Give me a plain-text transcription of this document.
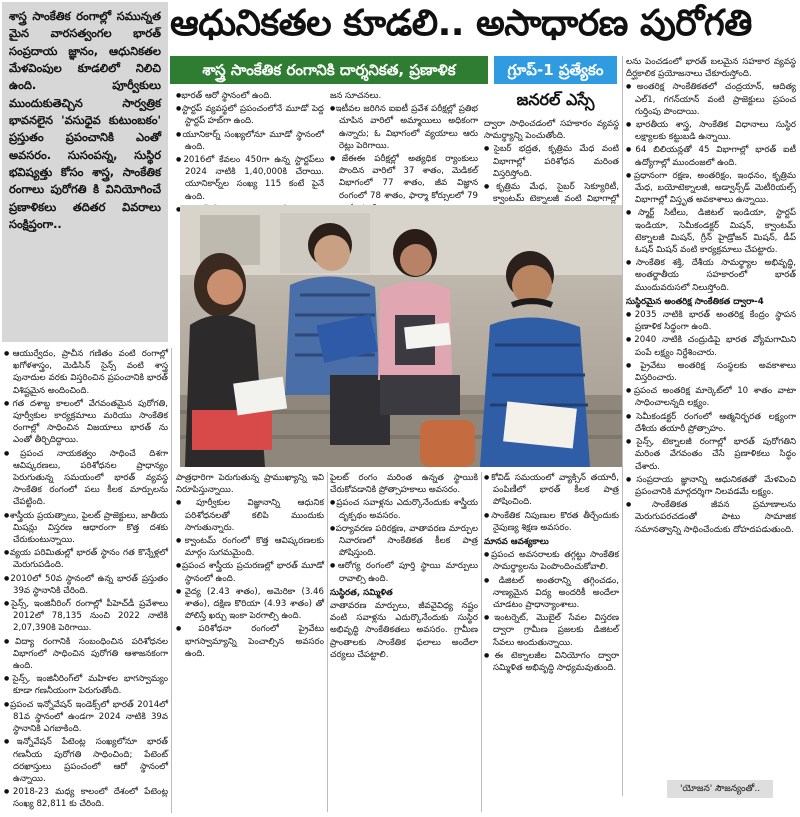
శాస్త్ర సాంకేతిక రంగాల్లో సమున్నత మైన వారసత్వంగల భారత్‌ సంప్రదాయ జ్ఞానం, ఆధునికతల మేళవింపుల కూడలిలో నిలిచి ఉంది. పూర్వీకులు ముందుకుతెచ్చిన సార్వత్రిక భావనలైన 'వసుధైవ కుటుంబకం' ప్రస్తుతం ప్రపంచానికి ఎంతో అవసరం. సుసంపన్న, సుస్థిర భవిష్యత్తు కోసం శాస్త్ర, సాంకేతిక రంగాలు పురోగతి కి వినియోగించే ప్రణాళికలు తదితర వివరాలు సంక్షిప్తంగా..
ఆధునికతల కూడలి.. అసాధారణ పురోగతి
శాస్త్ర సాంకేతిక రంగానికి దార్శనికత, ప్రణాళిక	గ్రూప్‌-1 ప్రత్యేకం
జనరల్‌ ఎస్సే

● ఆయుర్వేదం, ప్రాచీన గణితం వంటి రంగాల్లో ఖగోళశాస్త్రం, మెడిసిన్‌ సైన్స్‌ వంటి శాస్త్ర పునాదుల వరకు విస్తరించిన ప్రపంచానికి భారత్‌ విశిష్టమైన అందించింది.

● గత దశాబ్ద కాలంలో వేగవంతమైన పురోగతి, పూర్వీకుల కార్యక్రమాలు మరియు సాంకేతిక రంగాల్లో సాధించిన విజయాలు భారత్‌ ను ఎంతో తీర్చిదిద్దాయి.

● ప్రపంచ నాయకత్వం సాధించే దిశగా ఆవిష్కరణలు, పరిశోధనల ప్రాధాన్యం పెరుగుతున్న సమయంలో భారత్‌ వ్యవస్థ సాంకేతిక రంగంలో పలు కీలక మార్పులను చేపట్టింది.

● శాస్త్రీయ ప్రయత్నాలు, పైలట్‌ ప్రాజెక్టులు, జాతీయ మిషన్లు విస్తరణ ఆధారంగా కొత్త దశకు చేరుకుంటున్నాయి.

● వ్యయ పరిమితుల్లో భారత్‌ స్థానం గత కొన్నేళ్లలో మెరుగుపడింది.

● 2010లో 50వ స్థానంలో ఉన్న భారత్‌ ప్రస్తుతం 39వ స్థానానికి చేరింది.

● సైన్స్‌, ఇంజినీరింగ్‌ రంగాల్లో పీహెచ్‌డీ ప్రవేశాలు 2012లో 78,135 నుంచి 2022 నాటికి 2,07,390కి పెరిగాయి.

● విద్యా రంగానికి సంబంధించిన పరిశోధనల విభాగంలో సాధించిన పురోగతి ఆశాజనకంగా ఉంది.

● సైన్స్‌, ఇంజినీరింగ్‌లో మహిళల భాగస్వామ్యం కూడా గణనీయంగా పెరుగుతోంది.

● ప్రపంచ ఇన్నోవేషన్‌ ఇండెక్స్‌లో భారత్‌ 2014లో 81వ స్థానంలో ఉండగా 2024 నాటికి 39వ స్థానానికి ఎగబాకింది.

● ఇన్నోవేషన్‌ పేటెంట్ల సంఖ్యలోనూ భారత్‌ గణనీయ పురోగతి సాధించింది; పేటెంట్‌ దరఖాస్తులు ప్రపంచంలో ఆరో స్థానంలో ఉన్నాయి.

● 2018-23 మధ్య కాలంలో దేశంలో పేటెంట్ల సంఖ్య 82,811 కు చేరింది.

● భారత్‌ ఆరో స్థానంలో ఉంది.

● స్టార్టప్‌ వ్యవస్థలో ప్రపంచంలోనే మూడో పెద్ద స్టార్టప్‌ హబ్‌గా ఉంది.

● యూనికార్న్‌ సంఖ్యలోనూ మూడో స్థానంలో ఉంది.

● 2016లో కేవలం 450గా ఉన్న స్టార్టప్‌లు 2024 నాటికి 1,40,000కి చేరాయి. యూనికార్న్‌ల సంఖ్య 115 కంటే పైనే ఉంది.

●

జన సూచనలు.

● ఇటీవల జరిగిన ఐఐటీ ప్రవేశ పరీక్షల్లో ప్రతిభ చూపిన వారిలో అమ్మాయిలు అధికంగా ఉన్నారు; ఓ విభాగంలో వ్యయాలు ఆరు రెట్లు పెరిగాయి.

● జేఈఈ పరీక్షల్లో అత్యధిక ర్యాంకులు పొందిన వారిలో 37 శాతం, మెడికల్‌ విభాగంలో 77 శాతం, జీవ విజ్ఞాన రంగంలో 78 శాతం, ఫార్మా కోర్సులలో 79

●

ద్వారా సాధించడంలో సహకారం వ్యవస్థ సామర్థ్యాన్ని పెంచుతోంది.

● సైబర్‌ భద్రత, కృత్రిమ మేధ వంటి విభాగాల్లో పరిశోధన మరింత విస్తరిస్తోంది.

● కృత్రిమ మేధ, సైబర్‌ సెక్యూరిటీ, క్వాంటమ్‌ టెక్నాలజీ వంటి విభాగాల్లో

లను పెంచడంలో భారత్‌ బలమైన సహకార వ్యవస్థ దీర్ఘకాలిక ప్రయోజనాలు చేకూరుస్తోంది.

● అంతరిక్ష సాంకేతికతలో చంద్రయాన్‌, ఆదిత్య ఎల్‌1, గగన్‌యాన్‌ వంటి ప్రాజెక్టులు ప్రపంచ గుర్తింపు పొందాయి.

● భారతీయ శాస్త్ర, సాంకేతిక విధానాలు సుస్థిర లక్ష్యాలకు కట్టుబడి ఉన్నాయి.

● 64 బిలియన్లతో 45 విభాగాల్లో భారత్‌ ఐటీ ఉద్యోగాల్లో ముందంజలో ఉంది.

● ప్రధానంగా రక్షణ, అంతరిక్షం, ఇంధనం, కృత్రిమ మేధ, బయోటెక్నాలజీ, అడ్వాన్స్‌డ్‌ మెటీరియల్స్‌ విభాగాల్లో విస్తృత అవకాశాలు ఉన్నాయి.

● స్మార్ట్‌ సిటీలు, డిజిటల్‌ ఇండియా, స్టార్టప్‌ ఇండియా, సెమీకండక్టర్‌ మిషన్‌, క్వాంటమ్‌ టెక్నాలజీ మిషన్‌, గ్రీన్‌ హైడ్రోజన్‌ మిషన్‌, డీప్‌ ఓషన్‌ మిషన్‌ వంటి కార్యక్రమాలు చేపట్టారు.

● సాంకేతిక శక్తి, దేశీయ సామర్థ్యాల అభివృద్ధి, అంతర్జాతీయ సహకారంలో భారత్‌ ముందువరుసలో నిలుస్తోంది.

సుస్థిరమైన అంతరిక్ష సాంకేతికత ద్వారా-4

● 2035 నాటికి భారత్‌ అంతరిక్ష కేంద్రం స్థాపన ప్రణాళిక సిద్ధంగా ఉంది.

● 2040 నాటికి చంద్రుడిపై భారత వ్యోమగామిని పంపే లక్ష్యం నిర్దేశించారు.

● ప్రైవేటు అంతరిక్ష సంస్థలకు అవకాశాలు విస్తరించారు.

● ప్రపంచ అంతరిక్ష మార్కెట్‌లో 10 శాతం వాటా సాధించాలన్నది లక్ష్యం.

● సెమీకండక్టర్‌ రంగంలో ఆత్మనిర్భరత లక్ష్యంగా దేశీయ తయారీ ప్రోత్సాహం.

● సైన్స్‌, టెక్నాలజీ రంగాల్లో భారత్‌ పురోగతిని మరింత వేగవంతం చేసే ప్రణాళికలు సిద్ధం చేశారు.

● సంప్రదాయ జ్ఞానాన్ని ఆధునికతతో మేళవించి ప్రపంచానికి మార్గదర్శిగా నిలవడమే లక్ష్యం.

● సాంకేతికత జీవన ప్రమాణాలను మెరుగుపరచడంతో పాటు సామాజిక సమానత్వాన్ని సాధించేందుకు దోహదపడుతుంది.

పాత్రధారిగా పెరుగుతున్న ప్రాముఖ్యాన్ని ఇవి నిరూపిస్తున్నాయి.

● పూర్వీకుల విజ్ఞానాన్ని ఆధునిక పరిశోధనలతో కలిపి ముందుకు సాగుతున్నారు.

● క్వాంటమ్‌ రంగంలో కొత్త ఆవిష్కరణలకు మార్గం సుగమమైంది.

● ప్రపంచ శాస్త్రీయ ప్రచురణల్లో భారత్‌ మూడో స్థానంలో ఉంది.

● వైద్య (2.43 శాతం), అమెరికా (3.46 శాతం), దక్షిణ కొరియా (4.93 శాతం) తో పోలిస్తే ఖర్చు ఇంకా పెరగాల్సి ఉంది.

● పరిశోధనా రంగంలో ప్రైవేటు భాగస్వామ్యాన్ని పెంచాల్సిన అవసరం ఉంది.

పైలట్‌ రంగం మరింత ఉన్నత స్థాయికి చేరుకోవడానికి ప్రోత్సాహకాలు అవసరం.

● ప్రపంచ సవాళ్లను ఎదుర్కొనేందుకు శాస్త్రీయ దృక్పథం అవసరం.

● పర్యావరణ పరిరక్షణ, వాతావరణ మార్పుల నివారణలో సాంకేతికత కీలక పాత్ర పోషిస్తుంది.

● ఆరోగ్య రంగంలో పూర్తి స్థాయి మార్పులు రావాల్సి ఉంది.

సుస్థిరత, సమ్మిళిత

వాతావరణ మార్పులు, జీవవైవిధ్య నష్టం వంటి సవాళ్లను ఎదుర్కొనేందుకు సుస్థిర అభివృద్ధి సాంకేతికతలు అవసరం. గ్రామీణ ప్రాంతాలకు సాంకేతిక ఫలాలు అందేలా చర్యలు చేపట్టాలి.

● కోవిడ్‌ సమయంలో వ్యాక్సిన్‌ తయారీ, పంపిణీలో భారత్‌ కీలక పాత్ర పోషించింది.

● సాంకేతిక నిపుణుల కొరత తీర్చేందుకు నైపుణ్య శిక్షణ అవసరం.

మానవ ఆవశ్యకాలు

● ప్రపంచ అవసరాలకు తగ్గట్టు సాంకేతిక సామర్థ్యాలను పెంపొందించుకోవాలి.

● డిజిటల్‌ అంతరాన్ని తగ్గించడం, నాణ్యమైన విద్య అందరికీ అందేలా చూడటం ప్రాధాన్యాంశాలు.

● ఇంటర్నెట్‌, మొబైల్‌ సేవల విస్తరణ ద్వారా గ్రామీణ ప్రజలకు డిజిటల్‌ సేవలు అందుతున్నాయి.

● ఈ టెక్నాలజీల వినియోగం ద్వారా సమ్మిళిత అభివృద్ధి సాధ్యమవుతుంది.

'యోజన' సౌజన్యంతో..
